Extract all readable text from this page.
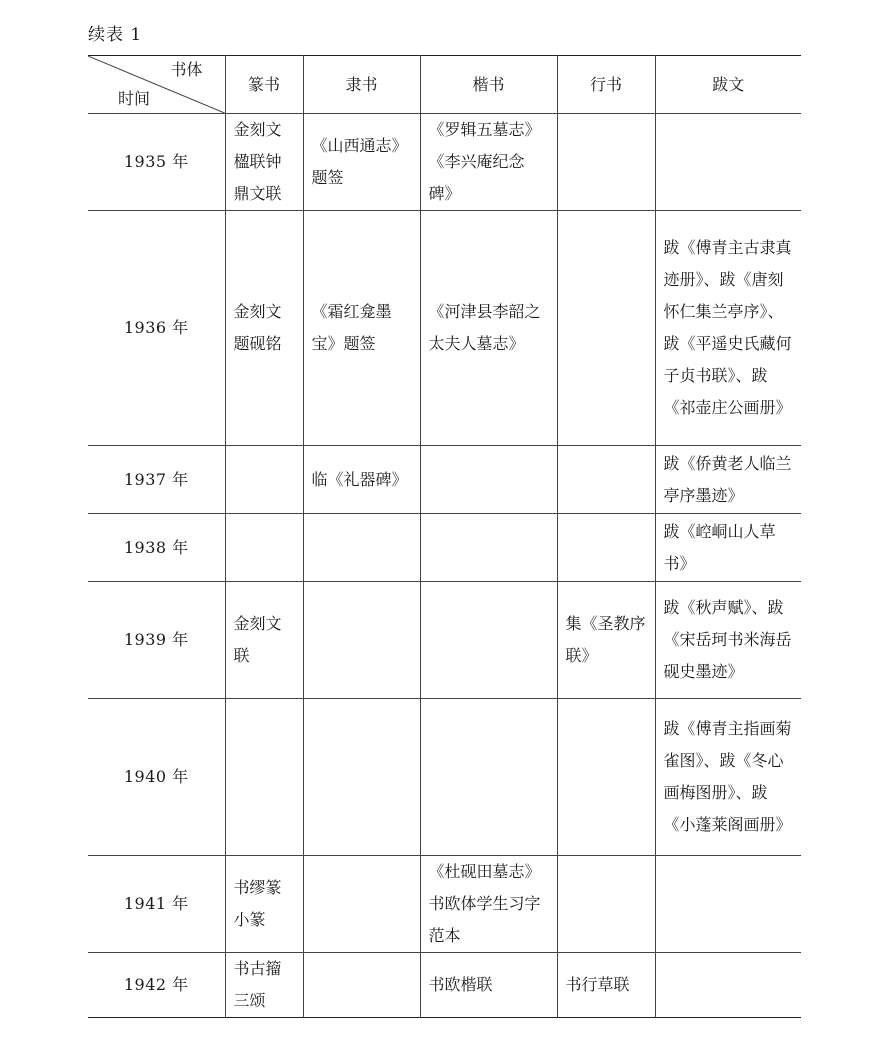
续表 1
书体
时间	篆书	隶书	楷书	行书	跋文
1935 年	金刻文楹联钟鼎文联	《山西通志》题签	《罗辑五墓志》《李兴庵纪念碑》		
1936 年	金刻文题砚铭	《霜红龛墨宝》题签	《河津县李韶之太夫人墓志》		跋《傅青主古隶真迹册》、跋《唐刻怀仁集兰亭序》、跋《平遥史氏藏何子贞书联》、跋《祁壶庄公画册》
1937 年		临《礼器碑》			跋《侨黄老人临兰亭序墨迹》
1938 年					跋《崆峒山人草书》
1939 年	金刻文联			集《圣教序联》	跋《秋声赋》、跋《宋岳珂书米海岳砚史墨迹》
1940 年					跋《傅青主指画菊雀图》、跋《冬心画梅图册》、跋《小蓬莱阁画册》
1941 年	书缪篆小篆		《杜砚田墓志》书欧体学生习字范本		
1942 年	书古籀三颂		书欧楷联	书行草联	
